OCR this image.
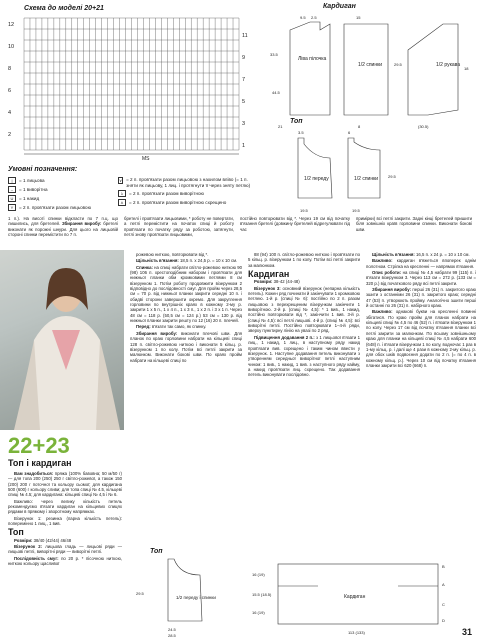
Схема до моделі 20+21
12
10
8
6
4
2
11
9
7
5
3
1
MS
Умовні позначення:
|	= 1 лицьова
–	= 1 виворітна
U	= 1 накид
Y	= 2 п. пров'язати разом лицьовою
⋎ = 2 п. пров'язати разом лицьовою з нахилом вліво (= 1 п. зняти як лицьову, 1 лиц. і протягнути її через зняту петлю)
λ	= 2 п. пров'язати разом виворітною
⋏	= 2 п. пров'язати разом виворітною схрещено
Кардиган
Ліва пілочка
1/2 спинки	1/2 рукава
9.5 2.5	15
33.5
44.5
21	8	(30.5)
29.5
18
Топ
1/2 переду	1/2 спинки
3.5	6
19.5	19.5
29.5
1 п.). На висоті спинки відкласти по 7 п.ц. що лишились, для бретелей. Збирання виробу: бретелі виконати як порожні шнури. Для цього на лицьовій стороні спинки перемістити по 7 п.
бретелі і пров'язати лицьовими, * роботу не повертати, а петлі перемістити на початок спиці й роботу пров'язати по початку ряду за роботою, затягнути, петлі знову пров'язати лицьовими,
постійно повторювати від *. Через 19 см від початку в'язання бретелі (довжину бретелей відрегулювати під час
примірки) всі петлі закрити. Задні кінці бретелей пришити біля зовнішніх країв горловини спинки. Виконати бокові шви.
22+23
Топ і кардиган

Вам знадобиться: пряжа (100% бавовна; 50 м/50 г) — для топа 200 (250) 250 г світло-рожевої, а також 150 (200) 200 г поточної та кольору сьомої; для кардигана 500 (600) г кольору сливи; для топа спиці № 4.5, кільцеві спиці № 4.5; для кардигана: кільцеві спиці № 4,5 і № 6.

Важливо: через велику кількість петель рекомендуємо в'язати кардиган на кільцевих спицях рядами в прямому і зворотному напрямках.

Візерунок 1: резинка (парна кількість петель): поперемінно 1 лиц., 1 вив.

Топ

Розміри: 38/40 (42/44) 46/48

Візерунок 2: лицьова гладь — лицьові ряди — лицьові петлі, виворітні ряди — виворітні петлі.

Послідовність смуг: по 20 р. * пісочною ниткою, ниткою кольору щасливої

рожевою ниткою, повторювати від *.

Щільність в'язання: 18,5 п. х 24,5 р. = 10 х 10 см.

Спинка: на спиці набрати світло-рожевою ниткою 90 (98) 106 п. хрестоподібним набором і пров'язати для нижньої планки обм кромковими петлями 8 см візерунком 1. Потім роботу продовжити візерунком 2 відповідно до послідовності смуг. Для пройм через 28,5 см = 70 р. від нижньої планки закрити середні 10 п. і обидві сторони завершити окремо. Для закруглення горловини по внутрішніх краях в кожному 2-му р. закрити 1 х 5 п., 1 х 4 п., 1 х 3 п., 1 х 2 п. і 3 х 1 п. Через 48 см = 118 р. (50,5 см = 124 р.) 53 см = 130 р. від нижньої планки закрити решту по 12 (16) 20 п. плечей.

Перед: в'язати так само, як спинку.

Збирання виробу: виконати плечові шви. Для планок по краю горловини набрати на кільцеві спиці 128 п. світло-рожевою ниткою і виконати 5 кільц. р. візерунком 1 по колу. Потім всі петлі закрити за малюнком. Виконати бокові шви. По краях пройм набрати на кільцеві спиці по

88 (94) 100 п. світло-рожевою ниткою і пров'язати по 5 кільц. р. візерунком 1 по колу. Потім всі петлі закрити за малюнком.

Кардиган

Розміри: 38-42 (44-48)

Візерунок 3: основний візерунок (непарна кількість петель). Кожен ряд починати й закінчувати 1 кромковою петлею. 1-й р. (спиці № 6): постійно по 2 п. разом лицьовою з перехрещеним візерунком закінчити 1 виворітною. 2-й р. (спиці № 4,5): * 1 вив., 1 накид, постійно повторювати від *, закінчити 1 вив. 3-й р. (спиці № 4,5): всі петлі лицьові. 4-й р. (спиці № 4,5): всі виворітні петлі. Постійно повторювати 1–4-й ряди, зверху пунктирну лінію на увазі по 2 ряд.

Підвищення додавання 2 п.: з 1 лицьової в'язати 1 лиц., 1 накид, 1 лиц., в наступному ряду накид пров'язати вив. схрещено і таким чином ввести у візерунок. 1. Наступне додавання петель виконувати з утворенням середньої виворітної петлі наступним чином: 1 вив., 1 накид, 1 вив. з наступного ряду кайму, а накид пров'язати лиц. схрещено. Так додавання петель виконувати послідовно.

Щільність в'язання: 16,5 п. х 24 р. = 10 х 10 см.

Важливо: кардиган в'яжеться впоперек однім полотном. Стрілка на кресленні — напрямок в'язання.

Опис роботи: на спиці № 4,5 набрати 99 (115) п. і в'язати візерунком 3. Через 113 см = 272 р. (133 см = 320 р.) від початкового ряду всі петлі закрити.

Збирання виробу: перші 26 (31) п. закритого краю зшити з останніми 26 (31) п. закритого краю; середні 47 (53) п. утворюють пройму. Аналогічно зшити перші й останні по 26 (31) п. набірного краю.

Важливо: однакові букви на кресленні повинні збігатися. По краю пройм для планок набрати на кільцеві спиці № 4,5 по 46 (52) п. і в'язати візерунком 1 по колу. Через 17 см від початку в'язання планки всі петлі закрити за малюнком. По всьому зовнішньому краю для планки на кільцеві спиці № 4,5 набрати 600 (648) п. і в'язати візерунком 1 по колу, водночас 1 раз в 1-му кільц. р. і далі ще 4 рази в кожному 2-му кільц. р. для обох шків подвоєння додати по 2 п. (= по 4 п. в кожному кільц. р.). Через 10 см від початку в'язання планки закрити всі 620 (668) п.

Топ
1/2 переду і спинки
29.5
24.5
28.5
Кардиган
16 (19)
B
A
15.5 (18.5)
16 (19)
C
D
113 (133)	31
